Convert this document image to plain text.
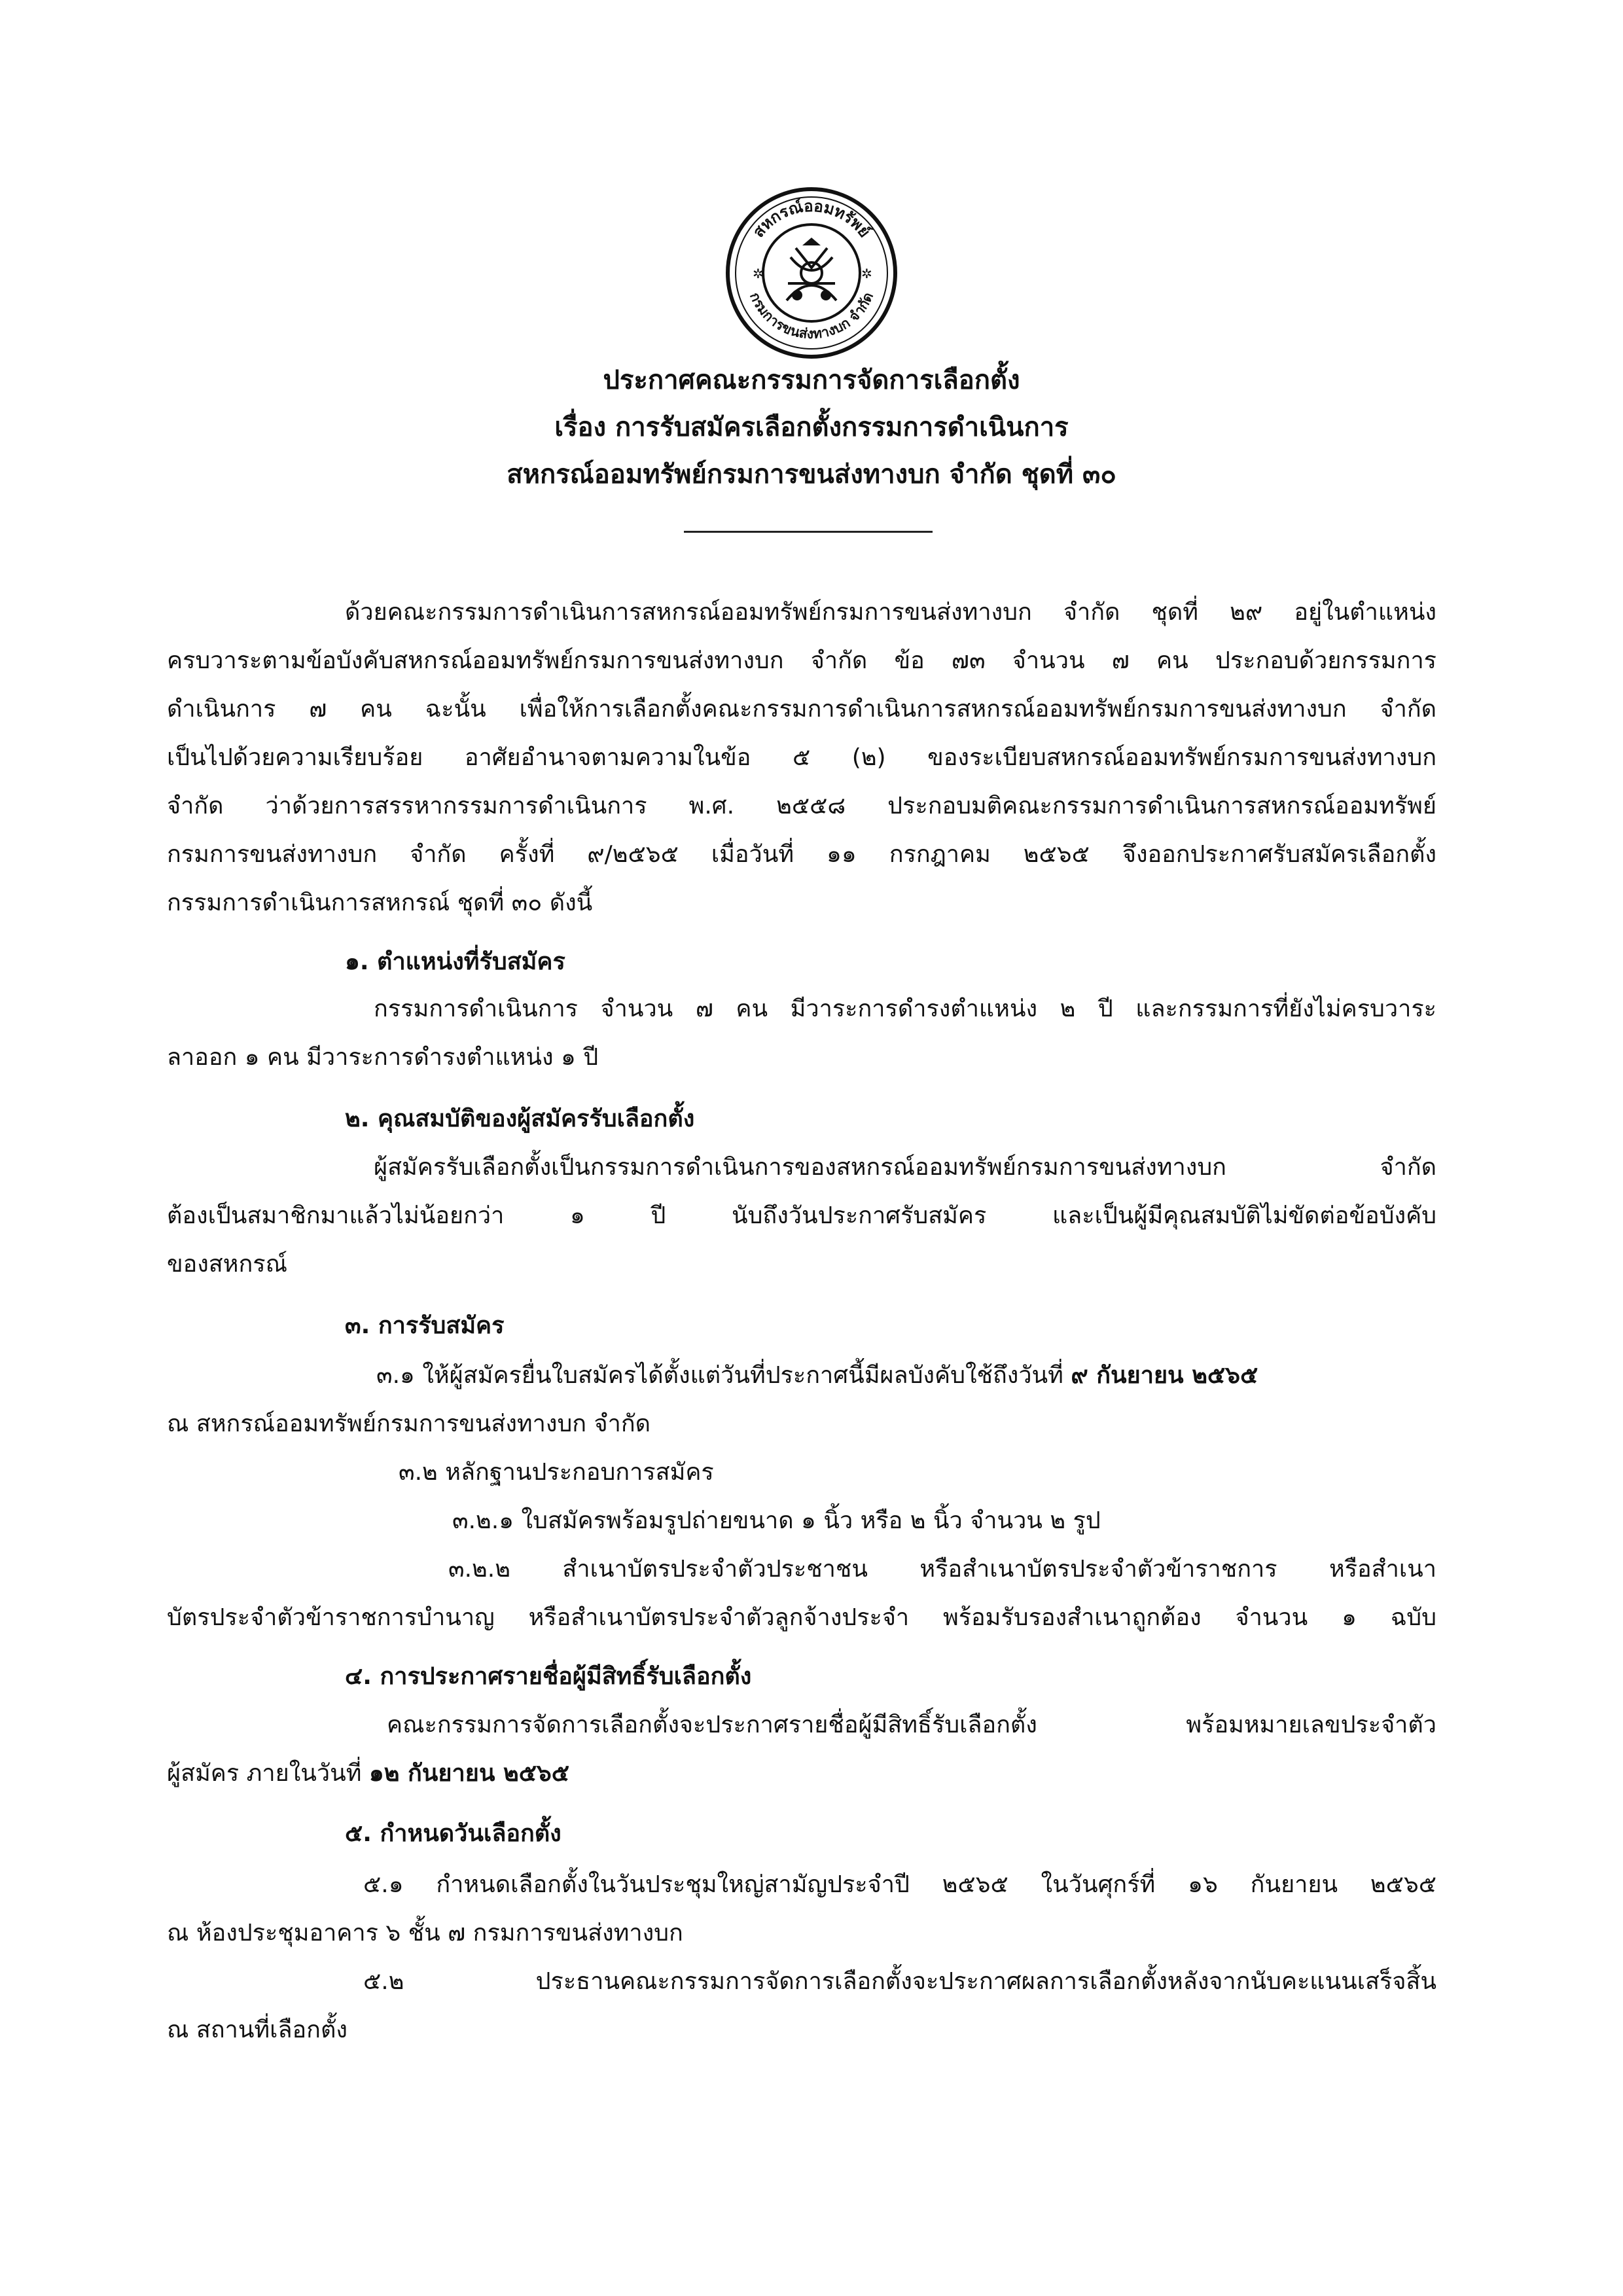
สหกรณ์ออมทรัพย์
กรมการขนส่งทางบก จำกัด
✲	✲
ประกาศคณะกรรมการจัดการเลือกตั้ง
เรื่อง การรับสมัครเลือกตั้งกรรมการดำเนินการ
สหกรณ์ออมทรัพย์กรมการขนส่งทางบก จำกัด ชุดที่ ๓๐
ด้วยคณะกรรมการดำเนินการสหกรณ์ออมทรัพย์กรมการขนส่งทางบก จำกัด ชุดที่ ๒๙ อยู่ในตำแหน่ง
ครบวาระตามข้อบังคับสหกรณ์ออมทรัพย์กรมการขนส่งทางบก จำกัด ข้อ ๗๓ จำนวน ๗ คน ประกอบด้วยกรรมการ
ดำเนินการ ๗ คน ฉะนั้น เพื่อให้การเลือกตั้งคณะกรรมการดำเนินการสหกรณ์ออมทรัพย์กรมการขนส่งทางบก จำกัด
เป็นไปด้วยความเรียบร้อย อาศัยอำนาจตามความในข้อ ๕ (๒) ของระเบียบสหกรณ์ออมทรัพย์กรมการขนส่งทางบก
จำกัด ว่าด้วยการสรรหากรรมการดำเนินการ พ.ศ. ๒๕๕๘ ประกอบมติคณะกรรมการดำเนินการสหกรณ์ออมทรัพย์
กรมการขนส่งทางบก จำกัด ครั้งที่ ๙/๒๕๖๕ เมื่อวันที่ ๑๑ กรกฎาคม ๒๕๖๕ จึงออกประกาศรับสมัครเลือกตั้ง
กรรมการดำเนินการสหกรณ์ ชุดที่ ๓๐ ดังนี้
๑. ตำแหน่งที่รับสมัคร
กรรมการดำเนินการ จำนวน ๗ คน มีวาระการดำรงตำแหน่ง ๒ ปี และกรรมการที่ยังไม่ครบวาระ
ลาออก ๑ คน มีวาระการดำรงตำแหน่ง ๑ ปี
๒. คุณสมบัติของผู้สมัครรับเลือกตั้ง
ผู้สมัครรับเลือกตั้งเป็นกรรมการดำเนินการของสหกรณ์ออมทรัพย์กรมการขนส่งทางบก จำกัด
ต้องเป็นสมาชิกมาแล้วไม่น้อยกว่า ๑ ปี นับถึงวันประกาศรับสมัคร และเป็นผู้มีคุณสมบัติไม่ขัดต่อข้อบังคับ
ของสหกรณ์
๓. การรับสมัคร
๓.๑ ให้ผู้สมัครยื่นใบสมัครได้ตั้งแต่วันที่ประกาศนี้มีผลบังคับใช้ถึงวันที่ ๙ กันยายน ๒๕๖๕
ณ สหกรณ์ออมทรัพย์กรมการขนส่งทางบก จำกัด
๓.๒ หลักฐานประกอบการสมัคร
๓.๒.๑ ใบสมัครพร้อมรูปถ่ายขนาด ๑ นิ้ว หรือ ๒ นิ้ว จำนวน ๒ รูป
๓.๒.๒ สำเนาบัตรประจำตัวประชาชน หรือสำเนาบัตรประจำตัวข้าราชการ หรือสำเนา
บัตรประจำตัวข้าราชการบำนาญ หรือสำเนาบัตรประจำตัวลูกจ้างประจำ พร้อมรับรองสำเนาถูกต้อง จำนวน ๑ ฉบับ
๔. การประกาศรายชื่อผู้มีสิทธิ์รับเลือกตั้ง
คณะกรรมการจัดการเลือกตั้งจะประกาศรายชื่อผู้มีสิทธิ์รับเลือกตั้ง พร้อมหมายเลขประจำตัว
ผู้สมัคร ภายในวันที่ ๑๒ กันยายน ๒๕๖๕
๕. กำหนดวันเลือกตั้ง
๕.๑ กำหนดเลือกตั้งในวันประชุมใหญ่สามัญประจำปี ๒๕๖๕ ในวันศุกร์ที่ ๑๖ กันยายน ๒๕๖๕
ณ ห้องประชุมอาคาร ๖ ชั้น ๗ กรมการขนส่งทางบก
๕.๒ ประธานคณะกรรมการจัดการเลือกตั้งจะประกาศผลการเลือกตั้งหลังจากนับคะแนนเสร็จสิ้น
ณ สถานที่เลือกตั้ง
